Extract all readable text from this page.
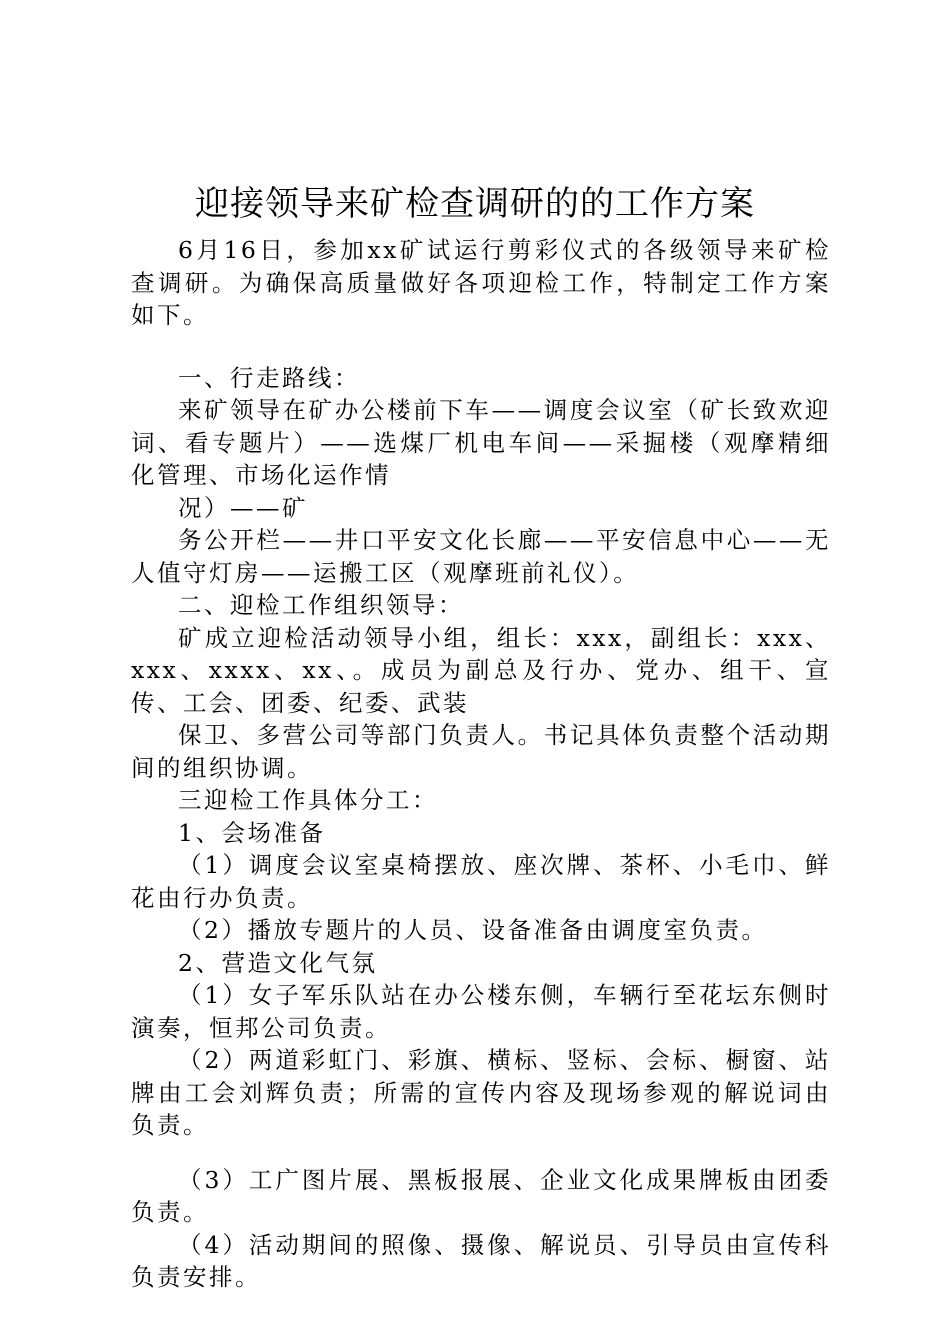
迎接领导来矿检查调研的的工作方案

6月16日，参加xx矿试运行剪彩仪式的各级领导来矿检查调研。为确保高质量做好各项迎检工作，特制定工作方案如下。

一、行走路线：

来矿领导在矿办公楼前下车——调度会议室（矿长致欢迎词、看专题片）——选煤厂机电车间——采掘楼（观摩精细化管理、市场化运作情

况）——矿

务公开栏——井口平安文化长廊——平安信息中心——无人值守灯房——运搬工区（观摩班前礼仪）。

二、迎检工作组织领导：

矿成立迎检活动领导小组，组长：xxx，副组长：xxx、xxx、xxxx、xx、。成员为副总及行办、党办、组干、宣传、工会、团委、纪委、武装

保卫、多营公司等部门负责人。书记具体负责整个活动期间的组织协调。

三迎检工作具体分工：

1、会场准备

（1）调度会议室桌椅摆放、座次牌、茶杯、小毛巾、鲜花由行办负责。

（2）播放专题片的人员、设备准备由调度室负责。

2、营造文化气氛

（1）女子军乐队站在办公楼东侧，车辆行至花坛东侧时演奏，恒邦公司负责。

（2）两道彩虹门、彩旗、横标、竖标、会标、橱窗、站牌由工会刘辉负责；所需的宣传内容及现场参观的解说词由负责。

（3）工广图片展、黑板报展、企业文化成果牌板由团委负责。

（4）活动期间的照像、摄像、解说员、引导员由宣传科负责安排。
